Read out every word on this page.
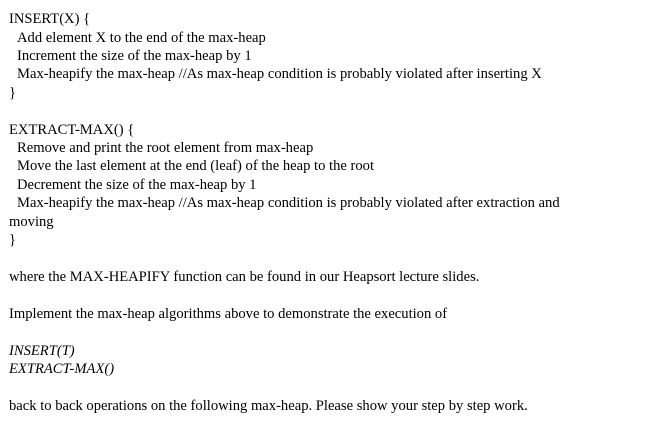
INSERT(X) {
Add element X to the end of the max-heap
Increment the size of the max-heap by 1
Max-heapify the max-heap //As max-heap condition is probably violated after inserting X
}
EXTRACT-MAX() {
Remove and print the root element from max-heap
Move the last element at the end (leaf) of the heap to the root
Decrement the size of the max-heap by 1
Max-heapify the max-heap //As max-heap condition is probably violated after extraction and
moving
}
where the MAX-HEAPIFY function can be found in our Heapsort lecture slides.
Implement the max-heap algorithms above to demonstrate the execution of
INSERT(T)
EXTRACT-MAX()
back to back operations on the following max-heap. Please show your step by step work.
